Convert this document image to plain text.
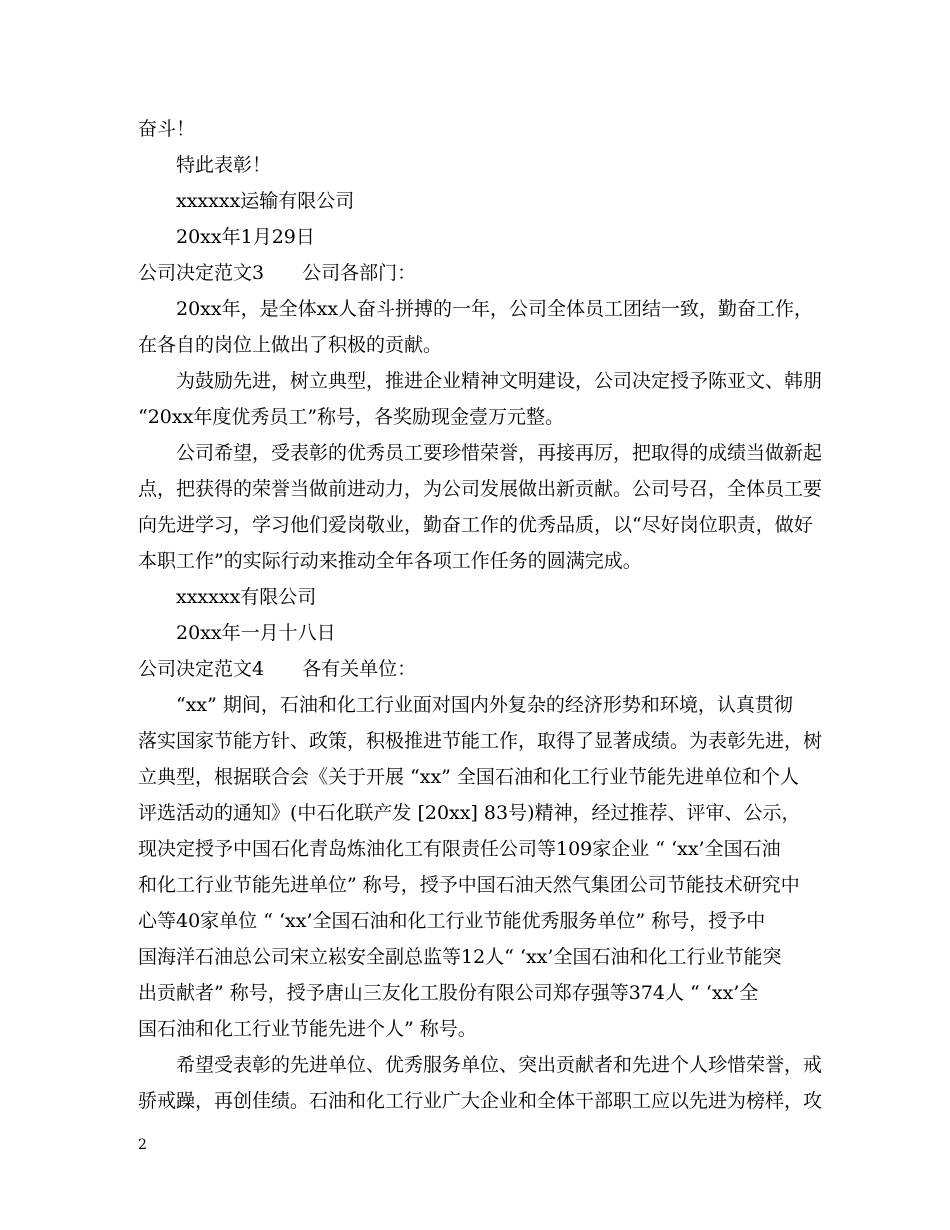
奋斗！
特此表彰！
xxxxxx运输有限公司
20xx年1月29日
公司决定范文3　　公司各部门：
20xx年，是全体xx人奋斗拼搏的一年，公司全体员工团结一致，勤奋工作，
在各自的岗位上做出了积极的贡献。
为鼓励先进，树立典型，推进企业精神文明建设，公司决定授予陈亚文、韩朋
“20xx年度优秀员工”称号，各奖励现金壹万元整。
公司希望，受表彰的优秀员工要珍惜荣誉，再接再厉，把取得的成绩当做新起
点，把获得的荣誉当做前进动力，为公司发展做出新贡献。公司号召，全体员工要
向先进学习，学习他们爱岗敬业，勤奋工作的优秀品质，以“尽好岗位职责，做好
本职工作”的实际行动来推动全年各项工作任务的圆满完成。
xxxxxx有限公司
20xx年一月十八日
公司决定范文4　　各有关单位：
“xx” 期间，石油和化工行业面对国内外复杂的经济形势和环境，认真贯彻
落实国家节能方针、政策，积极推进节能工作，取得了显著成绩。为表彰先进，树
立典型，根据联合会《关于开展 “xx” 全国石油和化工行业节能先进单位和个人
评选活动的通知》(中石化联产发 [20xx] 83号)精神，经过推荐、评审、公示，
现决定授予中国石化青岛炼油化工有限责任公司等109家企业 “ ‘xx’全国石油
和化工行业节能先进单位” 称号，授予中国石油天然气集团公司节能技术研究中
心等40家单位 “ ‘xx’全国石油和化工行业节能优秀服务单位” 称号，授予中
国海洋石油总公司宋立崧安全副总监等12人“ ‘xx’全国石油和化工行业节能突
出贡献者” 称号，授予唐山三友化工股份有限公司郑存强等374人 “ ‘xx’全
国石油和化工行业节能先进个人” 称号。
希望受表彰的先进单位、优秀服务单位、突出贡献者和先进个人珍惜荣誉，戒
骄戒躁，再创佳绩。石油和化工行业广大企业和全体干部职工应以先进为榜样，攻
2
